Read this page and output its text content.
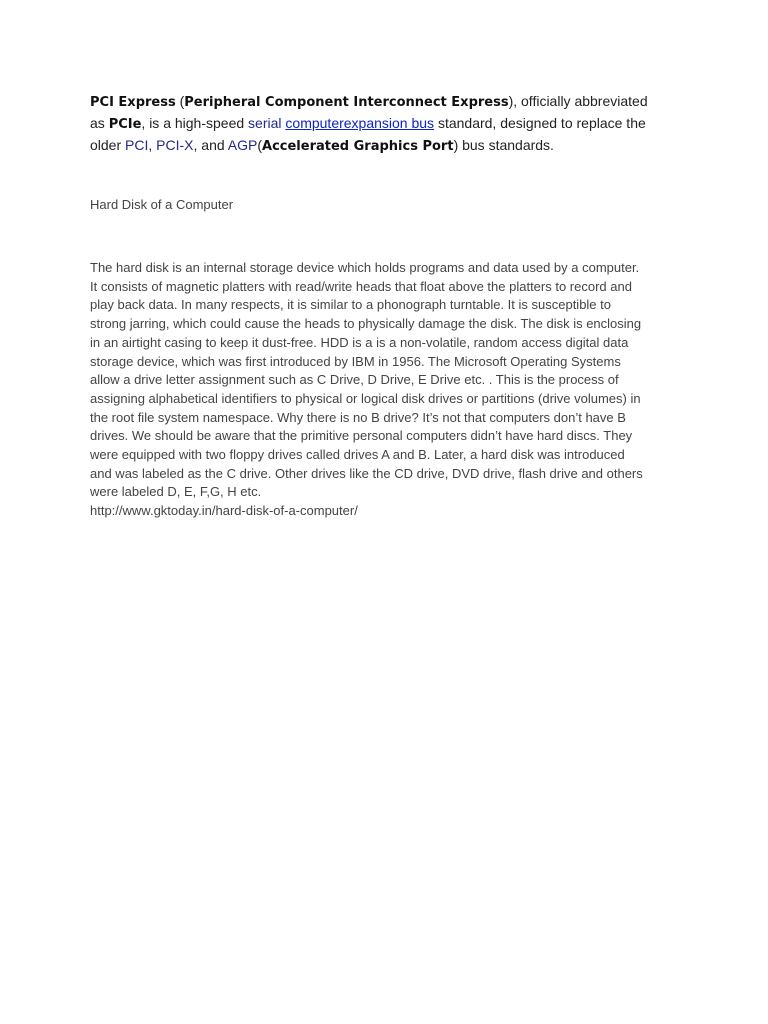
PCI Express (Peripheral Component Interconnect Express), officially abbreviated
as PCIe, is a high-speed serial computerexpansion bus standard, designed to replace the
older PCI, PCI-X, and AGP(Accelerated Graphics Port) bus standards.

Hard Disk of a Computer

The hard disk is an internal storage device which holds programs and data used by a computer.
It consists of magnetic platters with read/write heads that float above the platters to record and
play back data. In many respects, it is similar to a phonograph turntable. It is susceptible to
strong jarring, which could cause the heads to physically damage the disk. The disk is enclosing
in an airtight casing to keep it dust-free. HDD is a is a non-volatile, random access digital data
storage device, which was first introduced by IBM in 1956. The Microsoft Operating Systems
allow a drive letter assignment such as C Drive, D Drive, E Drive etc. . This is the process of
assigning alphabetical identifiers to physical or logical disk drives or partitions (drive volumes) in
the root file system namespace. Why there is no B drive? It’s not that computers don’t have B
drives. We should be aware that the primitive personal computers didn’t have hard discs. They
were equipped with two floppy drives called drives A and B. Later, a hard disk was introduced
and was labeled as the C drive. Other drives like the CD drive, DVD drive, flash drive and others
were labeled D, E, F,G, H etc.

http://www.gktoday.in/hard-disk-of-a-computer/
